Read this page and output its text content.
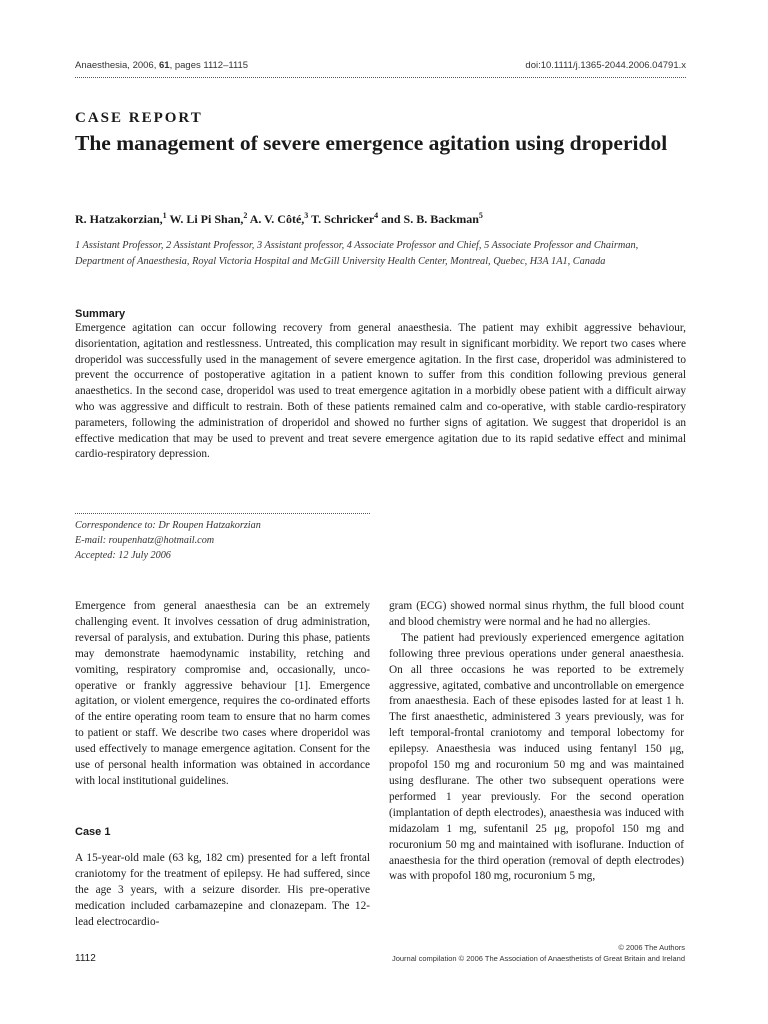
Anaesthesia, 2006, 61, pages 1112–1115	doi:10.1111/j.1365-2044.2006.04791.x
CASE REPORT
The management of severe emergence agitation using droperidol
R. Hatzakorzian,$^1$ W. Li Pi Shan,$^2$ A. V. Côté,$^3$ T. Schricker$^4$ and S. B. Backman$^5$
1 Assistant Professor, 2 Assistant Professor, 3 Assistant professor, 4 Associate Professor and Chief, 5 Associate Professor and Chairman, Department of Anaesthesia, Royal Victoria Hospital and McGill University Health Center, Montreal, Quebec, H3A 1A1, Canada
Summary

Emergence agitation can occur following recovery from general anaesthesia. The patient may exhibit aggressive behaviour, disorientation, agitation and restlessness. Untreated, this complication may result in significant morbidity. We report two cases where droperidol was successfully used in the management of severe emergence agitation. In the first case, droperidol was administered to prevent the occurrence of postoperative agitation in a patient known to suffer from this condition following previous general anaesthetics. In the second case, droperidol was used to treat emergence agitation in a morbidly obese patient with a difficult airway who was aggressive and difficult to restrain. Both of these patients remained calm and co-operative, with stable cardio-respiratory parameters, following the administration of droperidol and showed no further signs of agitation. We suggest that droperidol is an effective medication that may be used to prevent and treat severe emergence agitation due to its rapid sedative effect and minimal cardio-respiratory depression.

Correspondence to: Dr Roupen Hatzakorzian
E-mail: roupenhatz@hotmail.com
Accepted: 12 July 2006

Emergence from general anaesthesia can be an extremely challenging event. It involves cessation of drug administration, reversal of paralysis, and extubation. During this phase, patients may demonstrate haemodynamic instability, retching and vomiting, respiratory compromise and, occasionally, unco-operative or frankly aggressive behaviour [1]. Emergence agitation, or violent emergence, requires the co-ordinated efforts of the entire operating room team to ensure that no harm comes to patient or staff. We describe two cases where droperidol was used effectively to manage emergence agitation. Consent for the use of personal health information was obtained in accordance with local institutional guidelines.

Case 1

A 15-year-old male (63 kg, 182 cm) presented for a left frontal craniotomy for the treatment of epilepsy. He had suffered, since the age 3 years, with a seizure disorder. His pre-operative medication included carbamazepine and clonazepam. The 12-lead electrocardio-

gram (ECG) showed normal sinus rhythm, the full blood count and blood chemistry were normal and he had no allergies.

The patient had previously experienced emergence agitation following three previous operations under general anaesthesia. On all three occasions he was reported to be extremely aggressive, agitated, combative and uncontrollable on emergence from anaesthesia. Each of these episodes lasted for at least 1 h. The first anaesthetic, administered 3 years previously, was for left temporal-frontal craniotomy and temporal lobectomy for epilepsy. Anaesthesia was induced using fentanyl 150 μg, propofol 150 mg and rocuronium 50 mg and was maintained using desflurane. The other two subsequent operations were performed 1 year previously. For the second operation (implantation of depth electrodes), anaesthesia was induced with midazolam 1 mg, sufentanil 25 μg, propofol 150 mg and rocuronium 50 mg and maintained with isoflurane. Induction of anaesthesia for the third operation (removal of depth electrodes) was with propofol 180 mg, rocuronium 5 mg,

1112
© 2006 The Authors
Journal compilation © 2006 The Association of Anaesthetists of Great Britain and Ireland
